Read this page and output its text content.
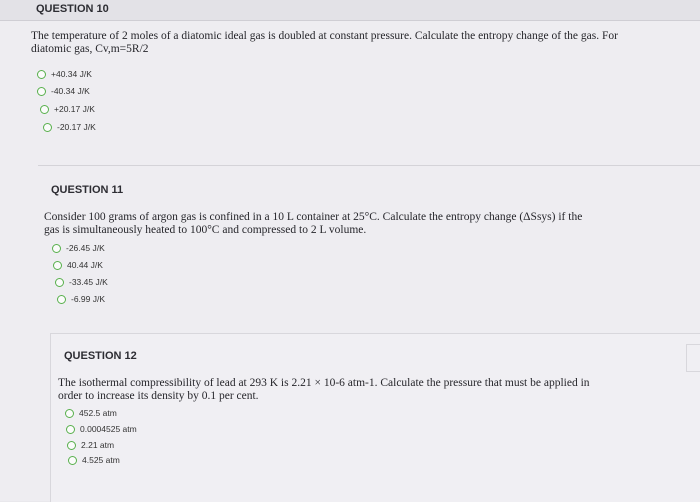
QUESTION 10
The temperature of 2 moles of a diatomic ideal gas is doubled at constant pressure. Calculate the entropy change of the gas. For
diatomic gas, Cv,m=5R/2
+40.34 J/K
-40.34 J/K
+20.17 J/K
-20.17 J/K
QUESTION 11
Consider 100 grams of argon gas is confined in a 10 L container at 25°C. Calculate the entropy change (ΔSsys) if the
gas is simultaneously heated to 100°C and compressed to 2 L volume.
-26.45 J/K
40.44 J/K
-33.45 J/K
-6.99 J/K
QUESTION 12
The isothermal compressibility of lead at 293 K is 2.21 × 10-6 atm-1. Calculate the pressure that must be applied in
order to increase its density by 0.1 per cent.
452.5 atm
0.0004525 atm
2.21 atm
4.525 atm
